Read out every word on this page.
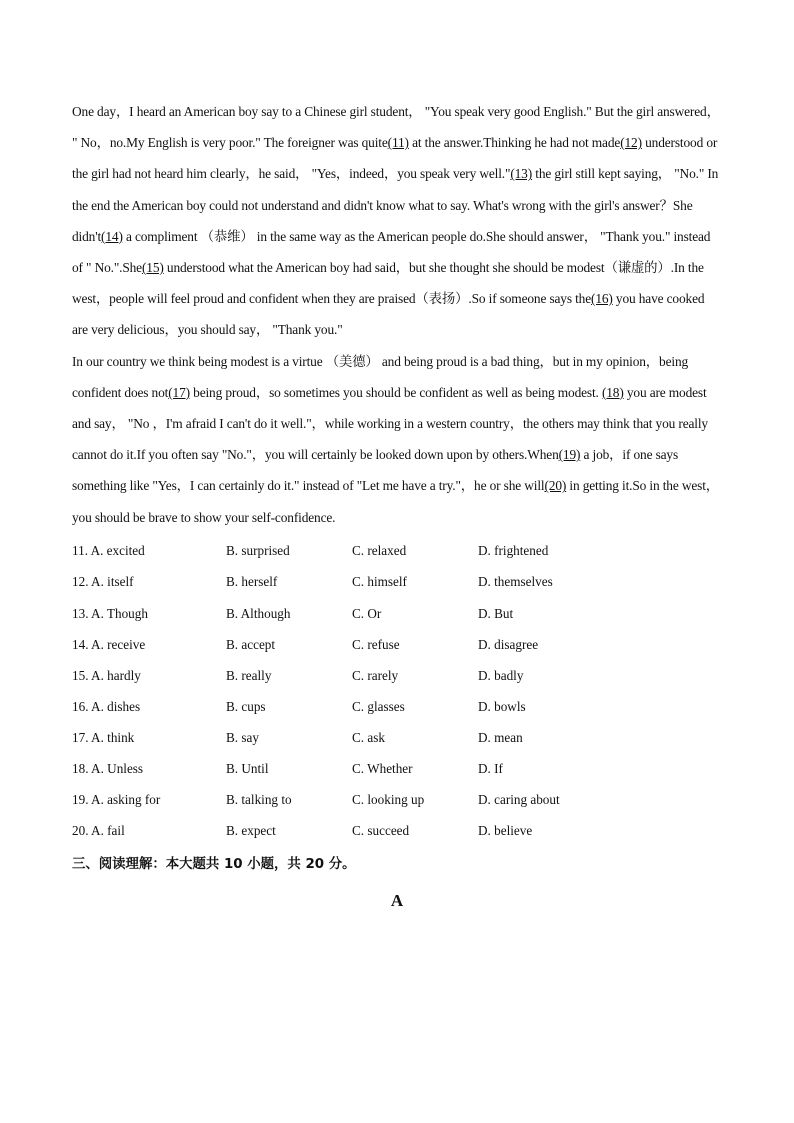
One day，I heard an American boy say to a Chinese girl student， "You speak very good English." But the girl answered， " No，no.My English is very poor." The foreigner was quite(11) at the answer.Thinking he had not made(12) understood or the girl had not heard him clearly，he said， "Yes，indeed，you speak very well."(13) the girl still kept saying， "No." In the end the American boy could not understand and didn't know what to say. What's wrong with the girl's answer？She didn't(14) a compliment （恭维） in the same way as the American people do.She should answer， "Thank you." instead of " No.".She(15) understood what the American boy had said，but she thought she should be modest（谦虚的）.In the west，people will feel proud and confident when they are praised（表扬）.So if someone says the(16) you have cooked are very delicious，you should say， "Thank you."

In our country we think being modest is a virtue （美德） and being proud is a bad thing，but in my opinion，being confident does not(17) being proud，so sometimes you should be confident as well as being modest. (18) you are modest and say， "No ，I'm afraid I can't do it well."，while working in a western country，the others may think that you really cannot do it.If you often say "No."，you will certainly be looked down upon by others.When(19) a job，if one says something like "Yes，I can certainly do it." instead of "Let me have a try."，he or she will(20) in getting it.So in the west，you should be brave to show your self-confidence.

11. A. excited	B. surprised	C. relaxed	D. frightened
12. A. itself	B. herself	C. himself	D. themselves
13. A. Though	B. Although	C. Or	D. But
14. A. receive	B. accept	C. refuse	D. disagree
15. A. hardly	B. really	C. rarely	D. badly
16. A. dishes	B. cups	C. glasses	D. bowls
17. A. think	B. say	C. ask	D. mean
18. A. Unless	B. Until	C. Whether	D. If
19. A. asking for	B. talking to	C. looking up	D. caring about
20. A. fail	B. expect	C. succeed	D. believe
三、阅读理解：本大题共 10 小题，共 20 分。
A
